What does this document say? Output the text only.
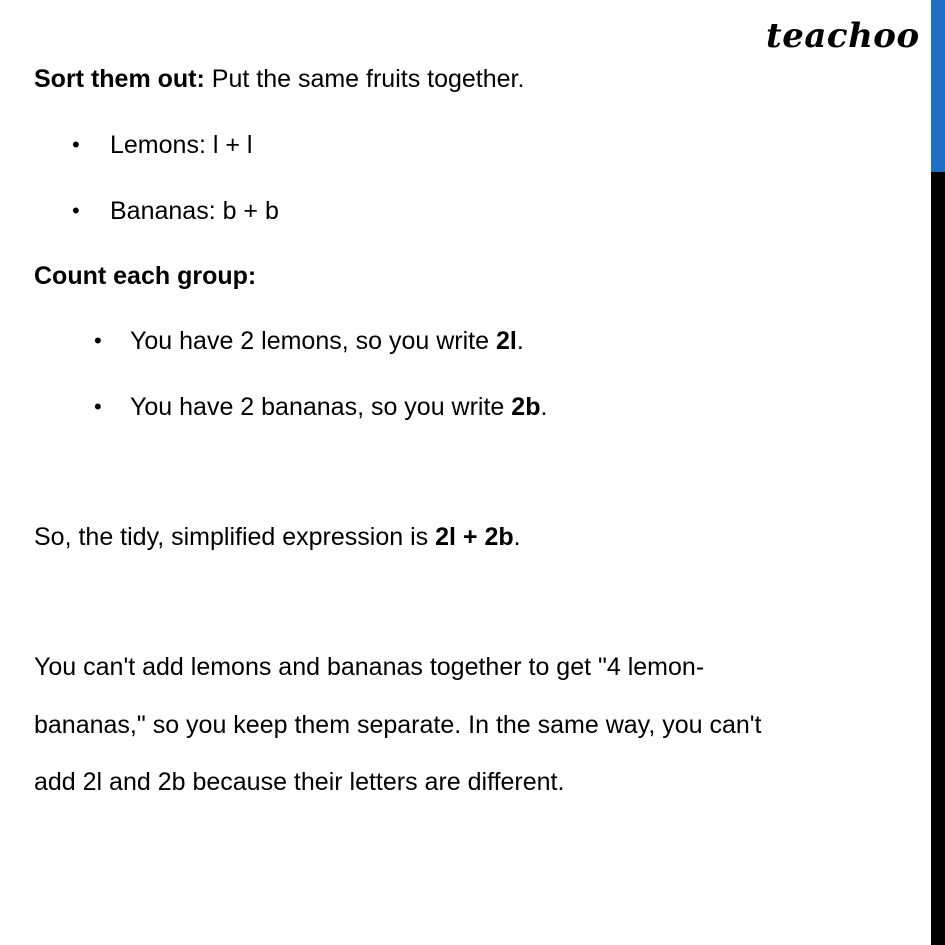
teachoo
Sort them out: Put the same fruits together.
• Lemons: l + l
• Bananas: b + b
Count each group:
• You have 2 lemons, so you write 2l.
• You have 2 bananas, so you write 2b.
So, the tidy, simplified expression is 2l + 2b.
You can't add lemons and bananas together to get "4 lemon-
bananas," so you keep them separate. In the same way, you can't
add 2l and 2b because their letters are different.
